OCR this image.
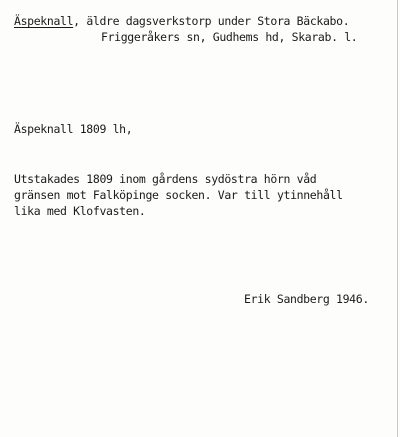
Äspeknall, äldre dagsverkstorp under Stora Bäckabo.
Friggeråkers sn, Gudhems hd, Skarab. l.
Äspeknall 1809 lh,
Utstakades 1809 inom gårdens sydöstra hörn våd
gränsen mot Falköpinge socken. Var till ytinnehåll
lika med Klofvasten.
Erik Sandberg 1946.
